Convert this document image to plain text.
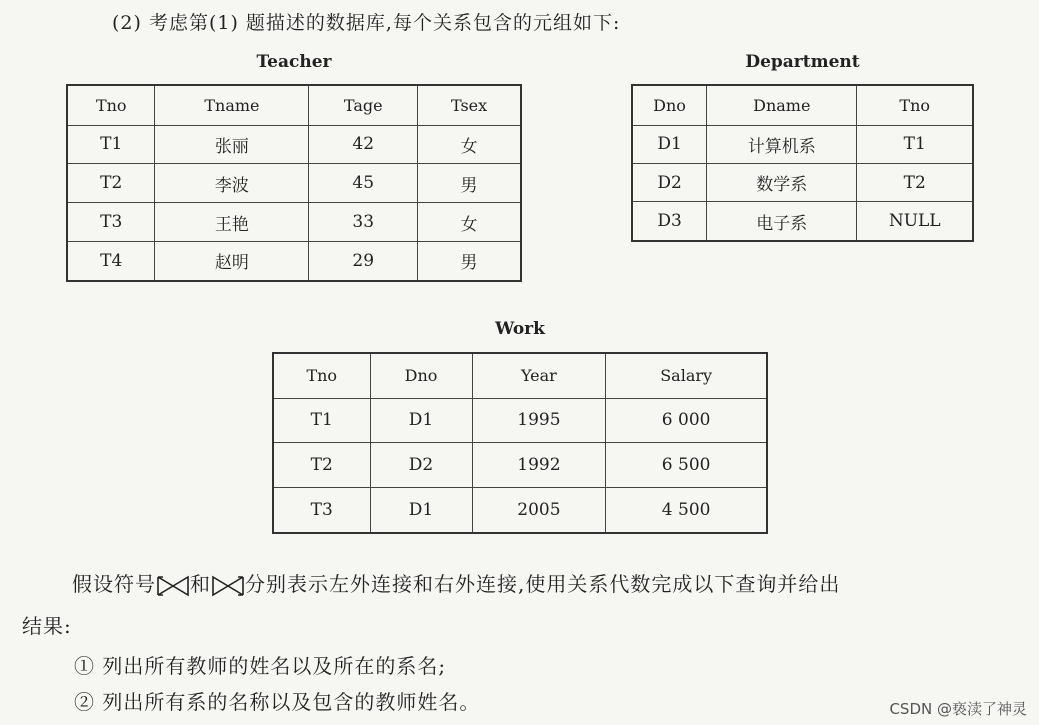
(2) 考虑第(1) 题描述的数据库,每个关系包含的元组如下:
Teacher
Tno	Tname	Tage	Tsex
T1	张丽	42	女
T2	李波	45	男
T3	王艳	33	女
T4	赵明	29	男
Department
Dno	Dname	Tno
D1	计算机系	T1
D2	数学系	T2
D3	电子系	NULL
Work
Tno	Dno	Year	Salary
T1	D1	1995	6 000
T2	D2	1992	6 500
T3	D1	2005	4 500
假设符号 和 分别表示左外连接和右外连接,使用关系代数完成以下查询并给出
结果:
① 列出所有教师的姓名以及所在的系名;
② 列出所有系的名称以及包含的教师姓名。	CSDN @亵渎了神灵
